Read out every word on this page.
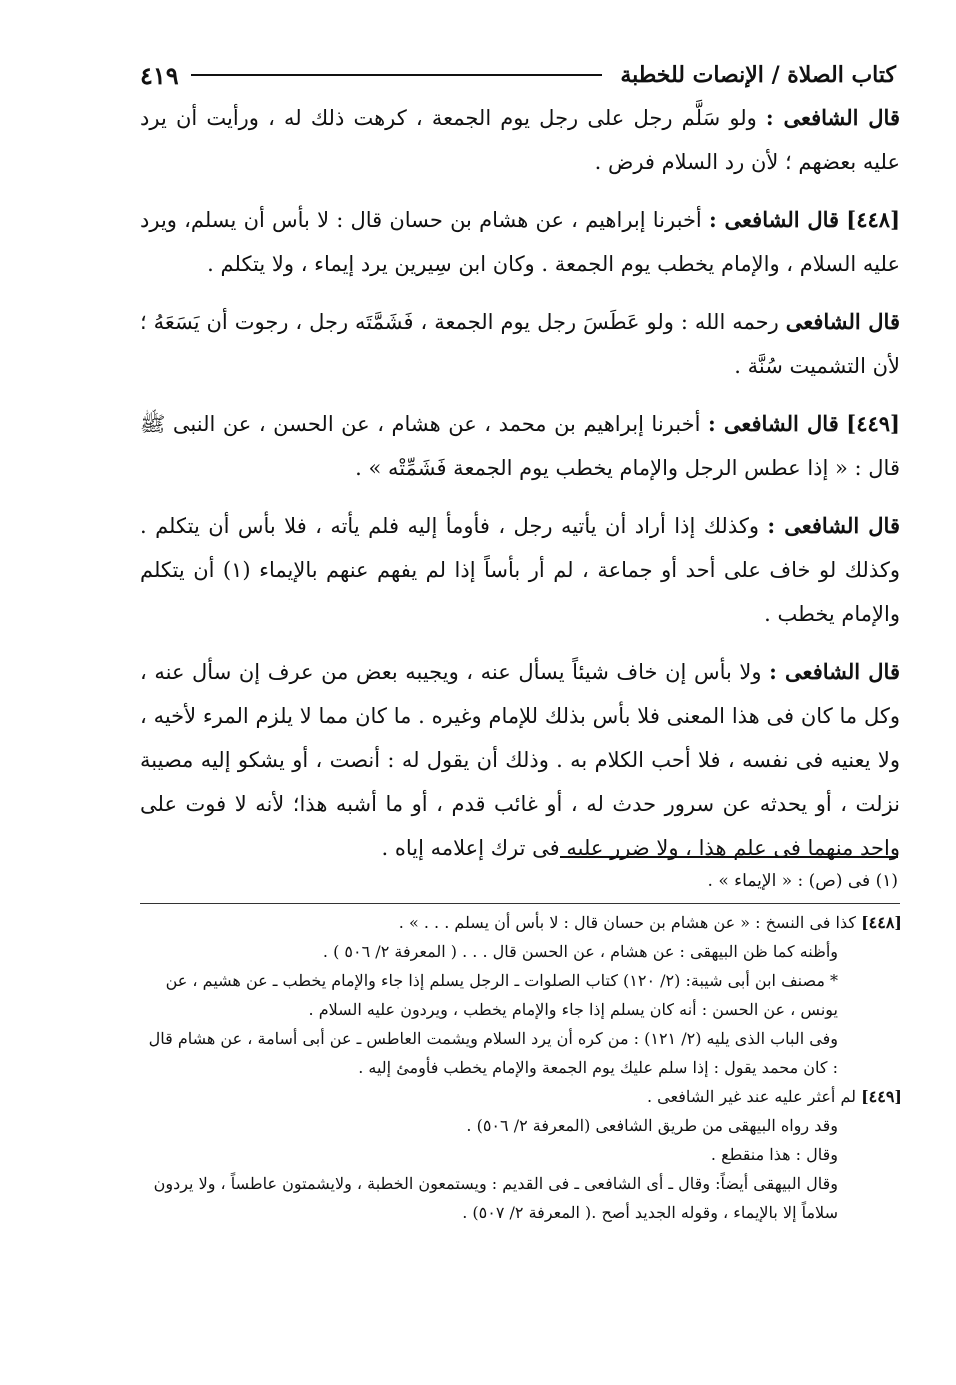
كتاب الصلاة / الإنصات للخطبة
٤١٩

قال الشافعى : ولو سَلَّم رجل على رجل يوم الجمعة ، كرهت ذلك له ، ورأيت أن يرد عليه بعضهم ؛ لأن رد السلام فرض .

[٤٤٨] قال الشافعى : أخبرنا إبراهيم ، عن هشام بن حسان قال : لا بأس أن يسلم، ويرد عليه السلام ، والإمام يخطب يوم الجمعة . وكان ابن سِيرين يرد إيماء ، ولا يتكلم .

قال الشافعى رحمه الله : ولو عَطَسَ رجل يوم الجمعة ، فَشَمَّتَه رجل ، رجوت أن يَسَعَهُ ؛ لأن التشميت سُنَّة .

[٤٤٩] قال الشافعى : أخبرنا إبراهيم بن محمد ، عن هشام ، عن الحسن ، عن النبى ﷺ قال : « إذا عطس الرجل والإمام يخطب يوم الجمعة فَشَمِّتْه » .

قال الشافعى : وكذلك إذا أراد أن يأتيه رجل ، فأومأ إليه فلم يأته ، فلا بأس أن يتكلم . وكذلك لو خاف على أحد أو جماعة ، لم أر بأساً إذا لم يفهم عنهم بالإيماء (١) أن يتكلم والإمام يخطب .

قال الشافعى : ولا بأس إن خاف شيئاً يسأل عنه ، ويجيبه بعض من عرف إن سأل عنه ، وكل ما كان فى هذا المعنى فلا بأس بذلك للإمام وغيره . ما كان مما لا يلزم المرء لأخيه ، ولا يعنيه فى نفسه ، فلا أحب الكلام به . وذلك أن يقول له : أنصت ، أو يشكو إليه مصيبة نزلت ، أو يحدثه عن سرور حدث له ، أو غائب قدم ، أو ما أشبه هذا؛ لأنه لا فوت على واحد منهما فى علم هذا ، ولا ضرر عليه فى ترك إعلامه إياه .

(١) فى (ص) : « الإيماء » .

[٤٤٨] كذا فى النسخ : « عن هشام بن حسان قال : لا بأس أن يسلم . . . » .

وأظنه كما ظن البيهقى : عن هشام ، عن الحسن قال . . . ( المعرفة ٢/ ٥٠٦ ) .

* مصنف ابن أبى شيبة: (٢/ ١٢٠) كتاب الصلوات ـ الرجل يسلم إذا جاء والإمام يخطب ـ عن هشيم ، عن يونس ، عن الحسن : أنه كان يسلم إذا جاء والإمام يخطب ، ويردون عليه السلام .

وفى الباب الذى يليه (٢/ ١٢١) : من كره أن يرد السلام ويشمت العاطس ـ عن أبى أسامة ، عن هشام قال : كان محمد يقول : إذا سلم عليك يوم الجمعة والإمام يخطب فأومئ إليه .

[٤٤٩] لم أعثر عليه عند غير الشافعى .

وقد رواه البيهقى من طريق الشافعى (المعرفة ٢/ ٥٠٦) .

وقال : هذا منقطع .

وقال البيهقى أيضاً: وقال ـ أى الشافعى ـ فى القديم : ويستمعون الخطبة ، ولايشمتون عاطساً ، ولا يردون سلاماً إلا بالإيماء ، وقوله الجديد أصح .( المعرفة ٢/ ٥٠٧) .
